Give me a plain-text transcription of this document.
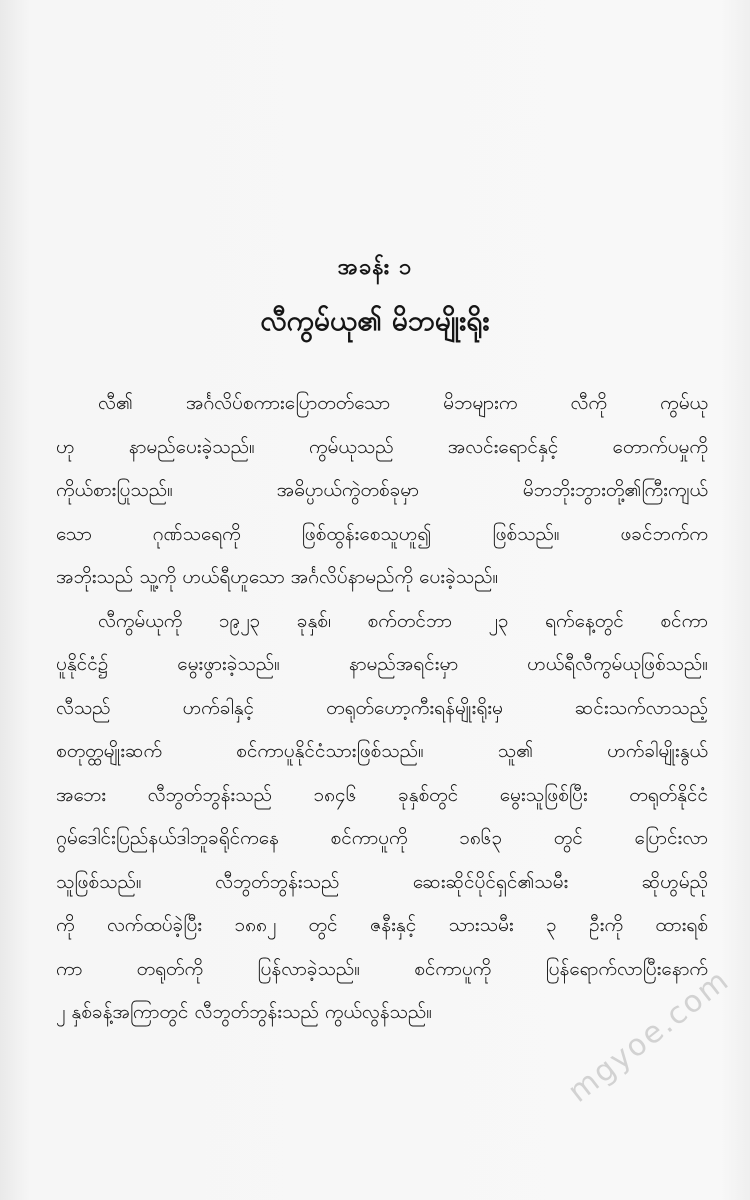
အခန်း ၁
လီကွမ်ယု၏ မိဘမျိုးရိုး
လီ၏ အင်္ဂလိပ်စကားပြောတတ်သော မိဘများက လီကို ကွမ်ယု
ဟု နာမည်ပေးခဲ့သည်။ ကွမ်ယုသည် အလင်းရောင်နှင့် တောက်ပမှုကို
ကိုယ်စားပြုသည်။ အဓိပ္ပာယ်ကွဲတစ်ခုမှာ မိဘဘိုးဘွားတို့၏ကြီးကျယ်
သော ဂုဏ်သရေကို ဖြစ်ထွန်းစေသူဟူ၍ ဖြစ်သည်။ ဖခင်ဘက်က
အဘိုးသည် သူ့ကို ဟယ်ရီဟူသော အင်္ဂလိပ်နာမည်ကို ပေးခဲ့သည်။
လီကွမ်ယုကို ၁၉၂၃ ခုနှစ်၊ စက်တင်ဘာ ၂၃ ရက်နေ့တွင် စင်ကာ
ပူနိုင်ငံ၌ မွေးဖွားခဲ့သည်။ နာမည်အရင်းမှာ ဟယ်ရီလီကွမ်ယုဖြစ်သည်။
လီသည် ဟက်ခါနှင့် တရုတ်ဟော့ကီးရန်မျိုးရိုးမှ ဆင်းသက်လာသည့်
စတုတ္ထမျိုးဆက် စင်ကာပူနိုင်ငံသားဖြစ်သည်။ သူ၏ ဟက်ခါမျိုးနွယ်
အဘေး လီဘွတ်ဘွန်းသည် ၁၈၄၆ ခုနှစ်တွင် မွေးသူဖြစ်ပြီး တရုတ်နိုင်ငံ
ဂွမ်ဒေါင်းပြည်နယ်ဒါဘူခရိုင်ကနေ စင်ကာပူကို ၁၈၆၃ တွင် ပြောင်းလာ
သူဖြစ်သည်။ လီဘွတ်ဘွန်းသည် ဆေးဆိုင်ပိုင်ရှင်၏သမီး ဆိုဟွမ်ညို
ကို လက်ထပ်ခဲ့ပြီး ၁၈၈၂ တွင် ဇနီးနှင့် သားသမီး ၃ ဦးကို ထားရစ်
ကာ တရုတ်ကို ပြန်လာခဲ့သည်။ စင်ကာပူကို ပြန်ရောက်လာပြီးနောက်
၂ နှစ်ခန့်အကြာတွင် လီဘွတ်ဘွန်းသည် ကွယ်လွန်သည်။	mgyoe.com
